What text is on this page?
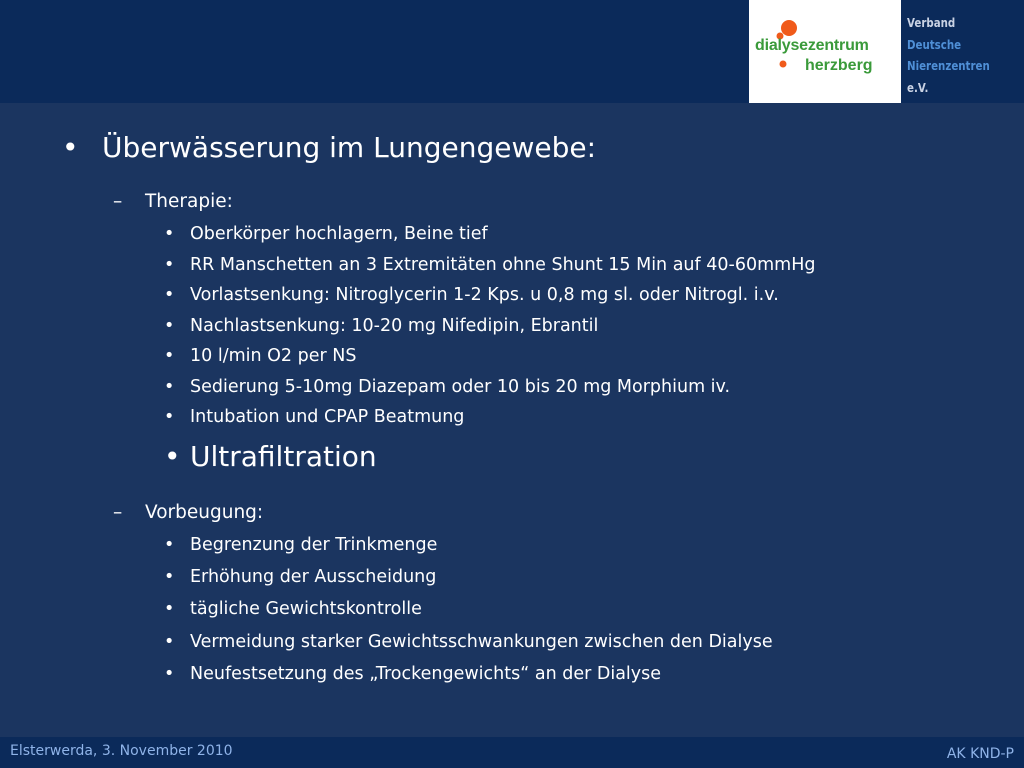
dialysezentrum
herzberg
Verband
Deutsche
Nierenzentren
e.V.
• Überwässerung im Lungengewebe:
– Therapie:
• Oberkörper hochlagern, Beine tief
• RR Manschetten an 3 Extremitäten ohne Shunt 15 Min auf 40-60mmHg
• Vorlastsenkung: Nitroglycerin 1-2 Kps. u 0,8 mg sl. oder Nitrogl. i.v.
• Nachlastsenkung: 10-20 mg Nifedipin, Ebrantil
• 10 l/min O2 per NS
• Sedierung 5-10mg Diazepam oder 10 bis 20 mg Morphium iv.
• Intubation und CPAP Beatmung
• Ultrafiltration
– Vorbeugung:
• Begrenzung der Trinkmenge
• Erhöhung der Ausscheidung
• tägliche Gewichtskontrolle
• Vermeidung starker Gewichtsschwankungen zwischen den Dialyse
• Neufestsetzung des „Trockengewichts“ an der Dialyse
Elsterwerda, 3. November 2010	AK KND-P
